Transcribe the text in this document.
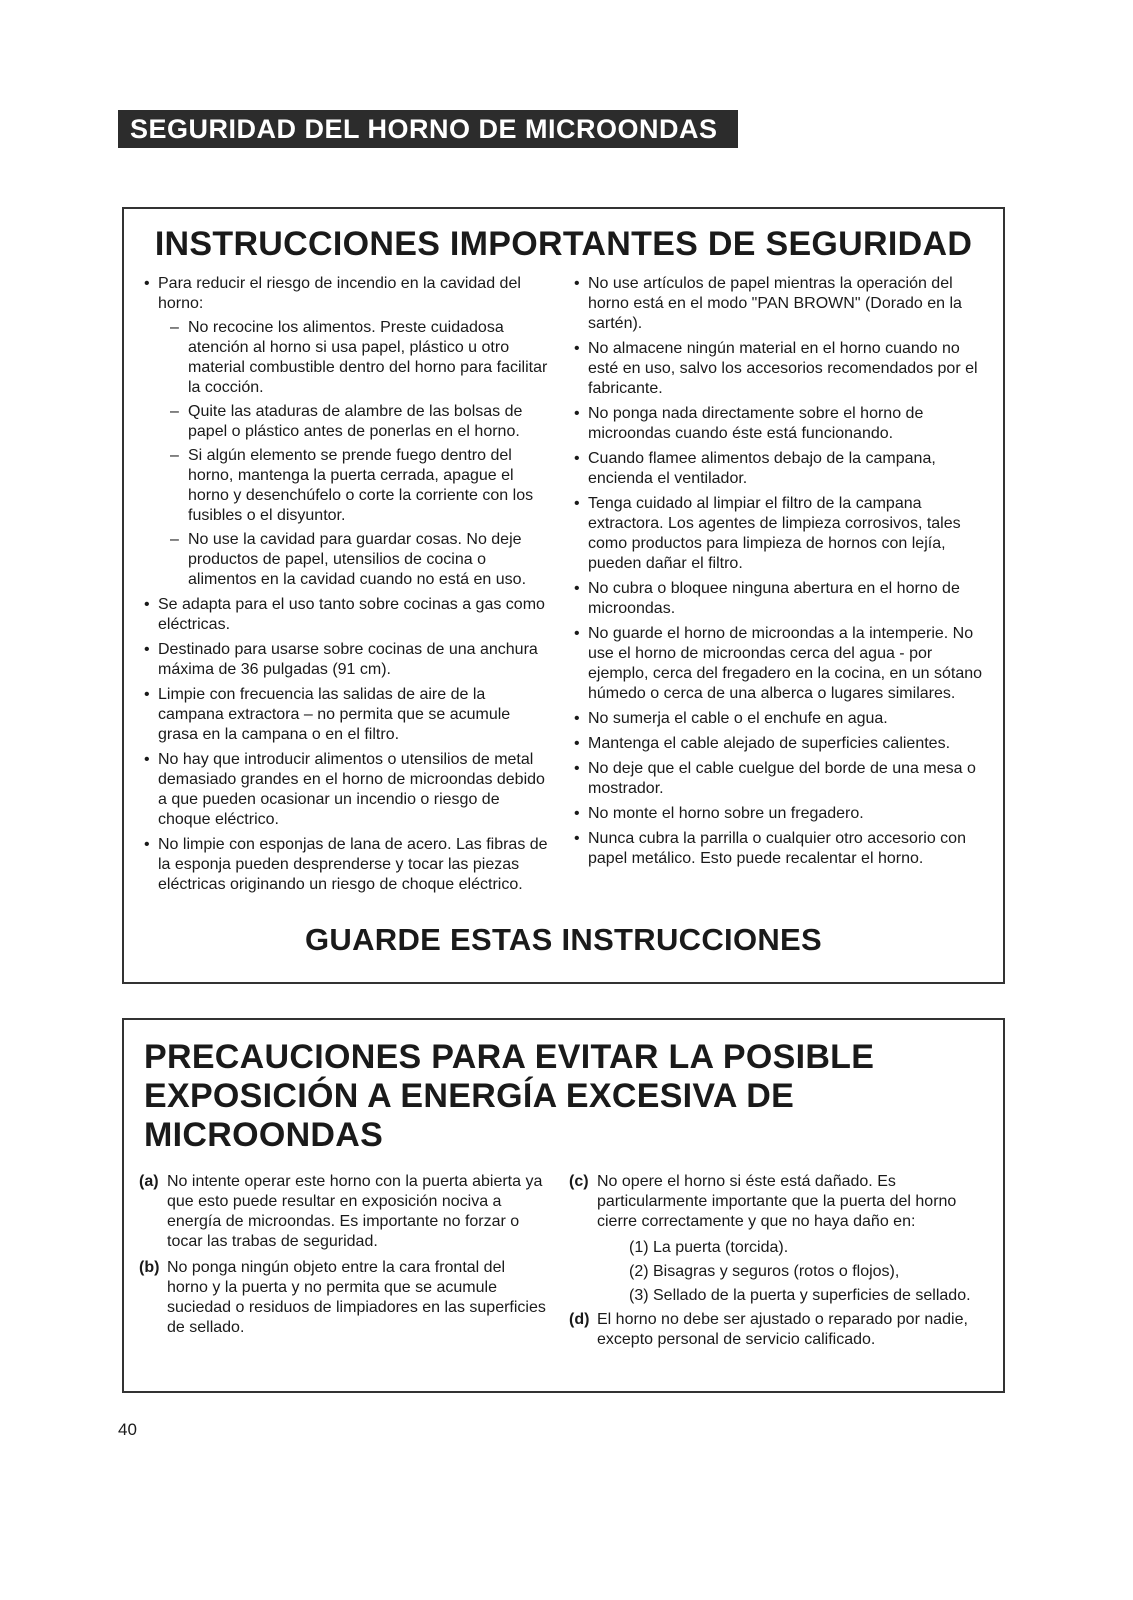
SEGURIDAD DEL HORNO DE MICROONDAS
INSTRUCCIONES IMPORTANTES DE SEGURIDAD
• Para reducir el riesgo de incendio en la cavidad del horno:
– No recocine los alimentos. Preste cuidadosa atención al horno si usa papel, plástico u otro material combustible dentro del horno para facilitar la cocción.
– Quite las ataduras de alambre de las bolsas de papel o plástico antes de ponerlas en el horno.
– Si algún elemento se prende fuego dentro del horno, mantenga la puerta cerrada, apague el horno y desenchúfelo o corte la corriente con los fusibles o el disyuntor.
– No use la cavidad para guardar cosas. No deje productos de papel, utensilios de cocina o alimentos en la cavidad cuando no está en uso.
• Se adapta para el uso tanto sobre cocinas a gas como eléctricas.
• Destinado para usarse sobre cocinas de una anchura máxima de 36 pulgadas (91 cm).
• Limpie con frecuencia las salidas de aire de la campana extractora – no permita que se acumule grasa en la campana o en el filtro.
• No hay que introducir alimentos o utensilios de metal demasiado grandes en el horno de microondas debido a que pueden ocasionar un incendio o riesgo de choque eléctrico.
• No limpie con esponjas de lana de acero. Las fibras de la esponja pueden desprenderse y tocar las piezas eléctricas originando un riesgo de choque eléctrico.
• No use artículos de papel mientras la operación del horno está en el modo "PAN BROWN" (Dorado en la sartén).
• No almacene ningún material en el horno cuando no esté en uso, salvo los accesorios recomendados por el fabricante.
• No ponga nada directamente sobre el horno de microondas cuando éste está funcionando.
• Cuando flamee alimentos debajo de la campana, encienda el ventilador.
• Tenga cuidado al limpiar el filtro de la campana extractora. Los agentes de limpieza corrosivos, tales como productos para limpieza de hornos con lejía, pueden dañar el filtro.
• No cubra o bloquee ninguna abertura en el horno de microondas.
• No guarde el horno de microondas a la intemperie. No use el horno de microondas cerca del agua - por ejemplo, cerca del fregadero en la cocina, en un sótano húmedo o cerca de una alberca o lugares similares.
• No sumerja el cable o el enchufe en agua.
• Mantenga el cable alejado de superficies calientes.
• No deje que el cable cuelgue del borde de una mesa o mostrador.
• No monte el horno sobre un fregadero.
• Nunca cubra la parrilla o cualquier otro accesorio con papel metálico. Esto puede recalentar el horno.
GUARDE ESTAS INSTRUCCIONES
PRECAUCIONES PARA EVITAR LA POSIBLE
EXPOSICIÓN A ENERGÍA EXCESIVA DE
MICROONDAS
(a) No intente operar este horno con la puerta abierta ya que esto puede resultar en exposición nociva a energía de microondas. Es importante no forzar o tocar las trabas de seguridad.
(b) No ponga ningún objeto entre la cara frontal del horno y la puerta y no permita que se acumule suciedad o residuos de limpiadores en las superficies de sellado.
(c) No opere el horno si éste está dañado. Es particularmente importante que la puerta del horno cierre correctamente y que no haya daño en:
(1) La puerta (torcida).
(2) Bisagras y seguros (rotos o flojos),
(3) Sellado de la puerta y superficies de sellado.
(d) El horno no debe ser ajustado o reparado por nadie, excepto personal de servicio calificado.
40
